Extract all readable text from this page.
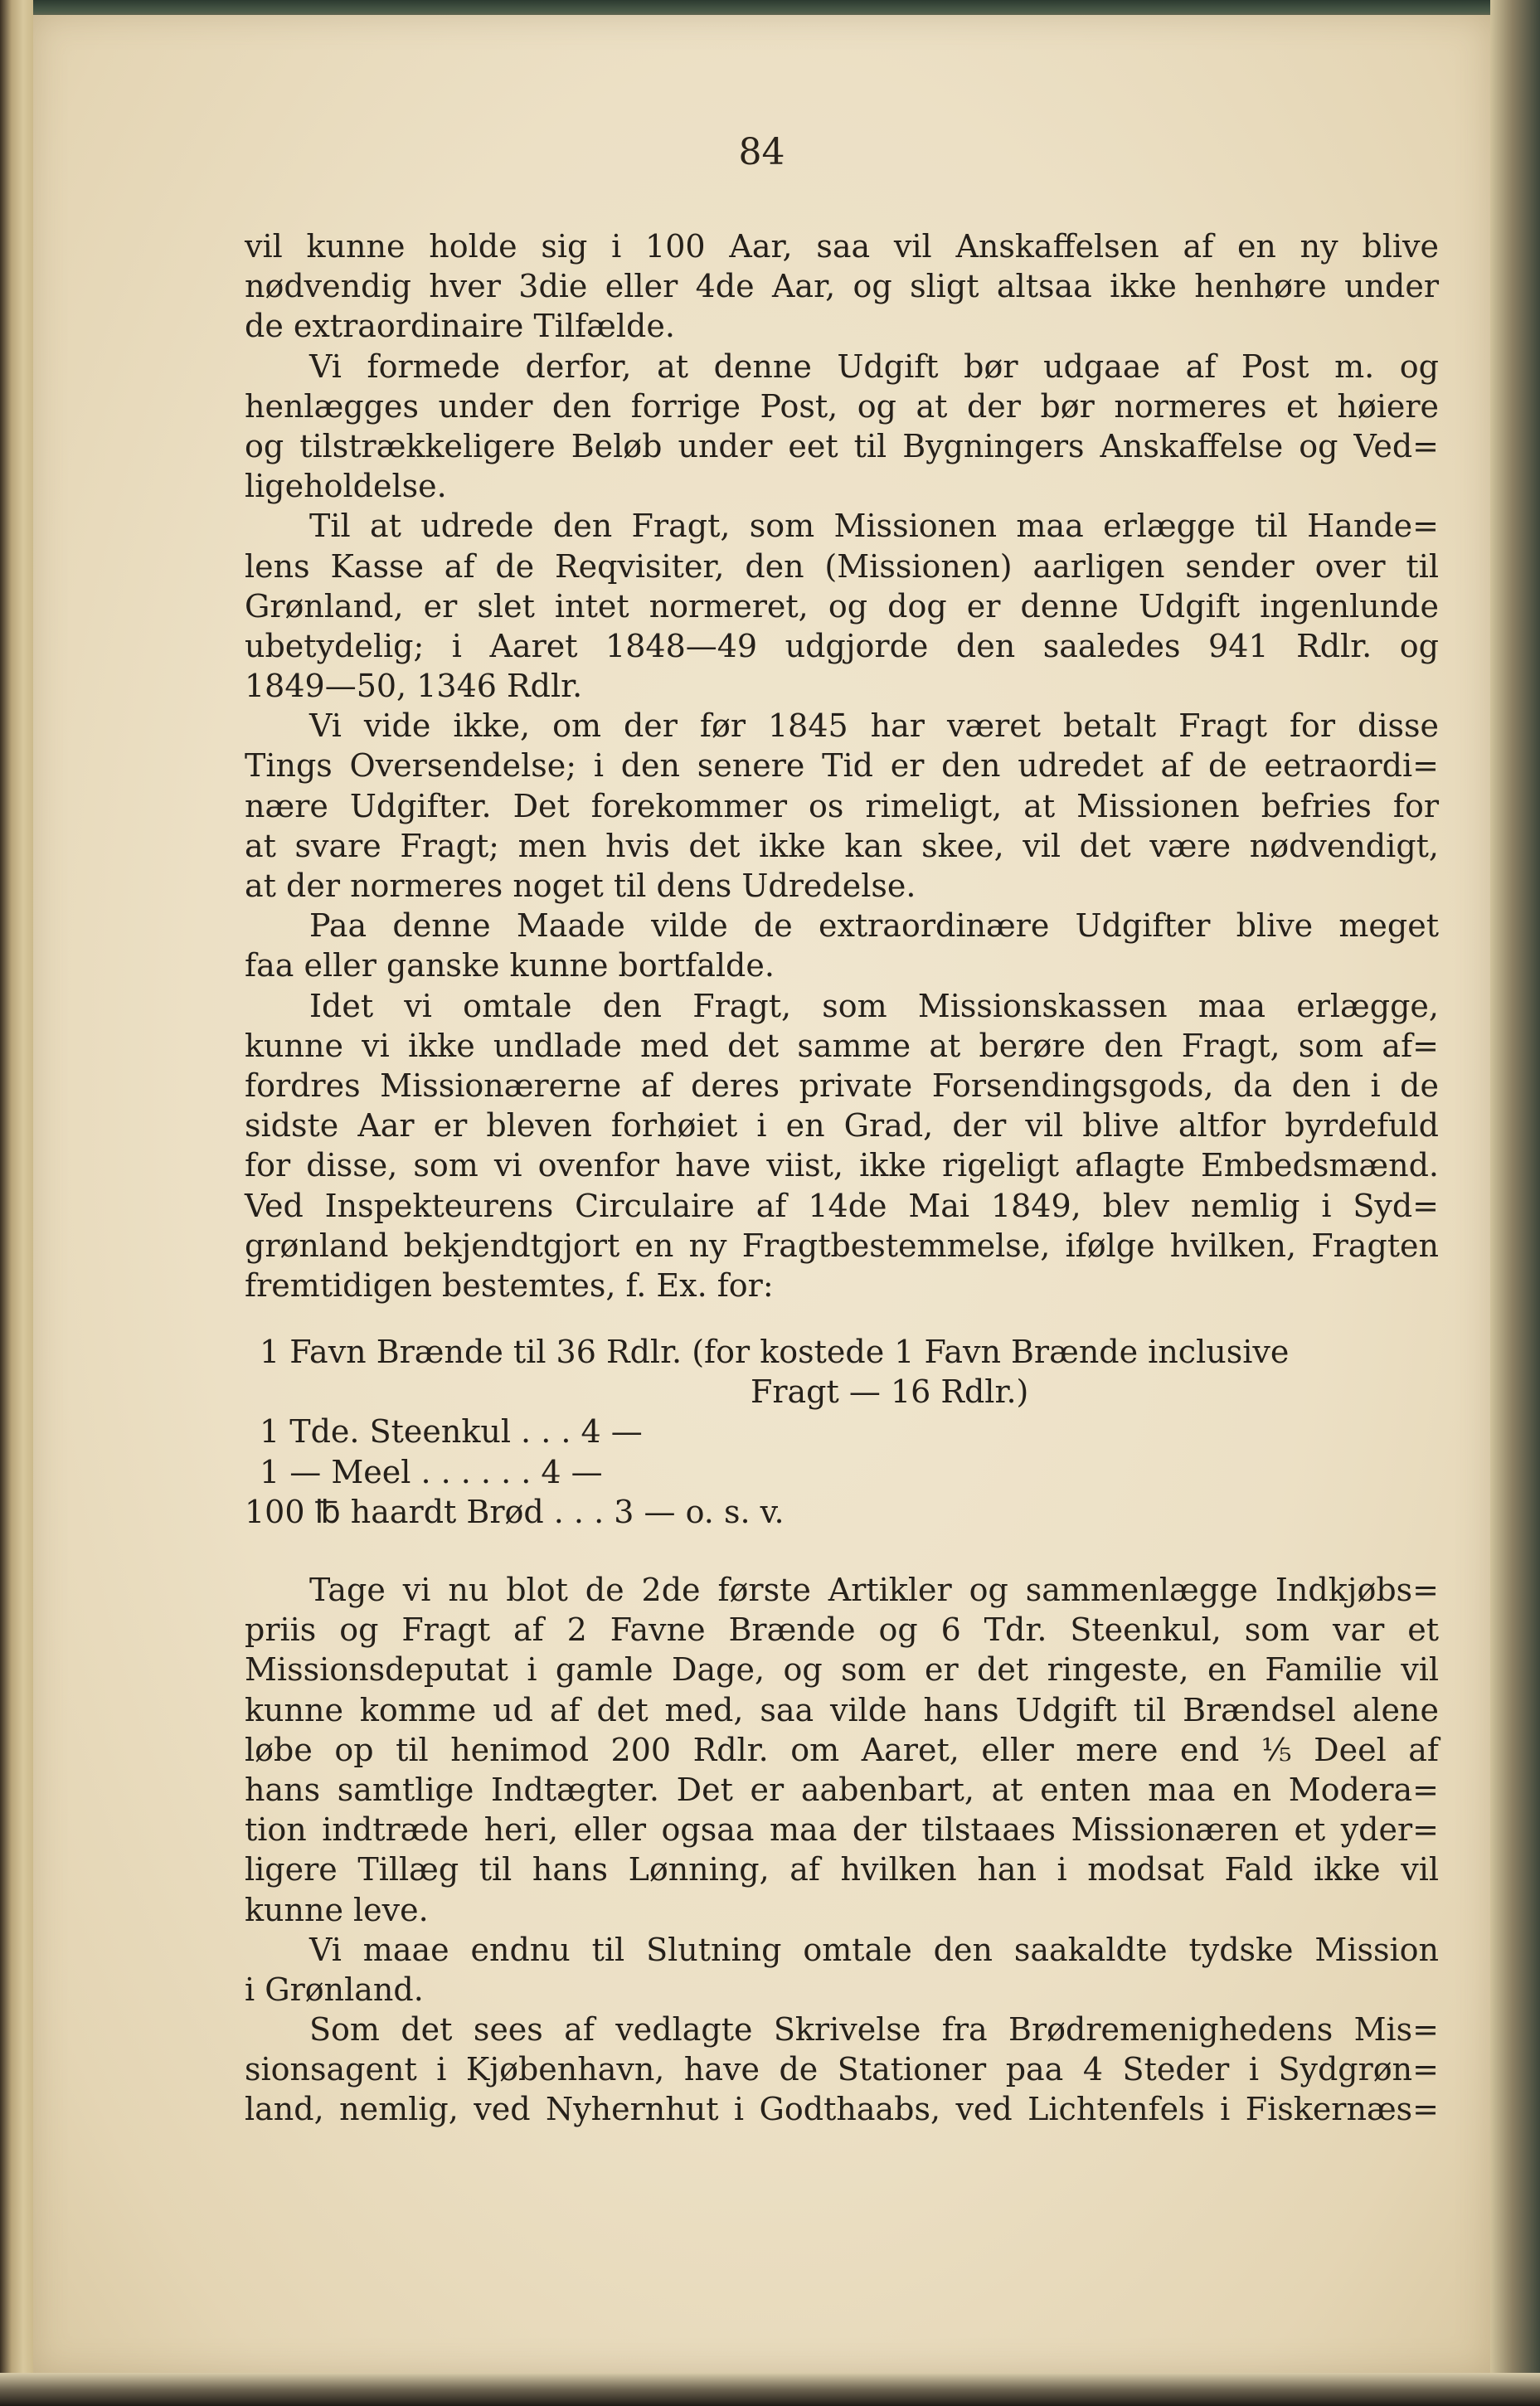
84
vil kunne holde sig i 100 Aar, saa vil Anskaffelsen af en ny blive
nødvendig hver 3die eller 4de Aar, og sligt altsaa ikke henhøre under
de extraordinaire Tilfælde.
Vi formede derfor, at denne Udgift bør udgaae af Post m. og
henlægges under den forrige Post, og at der bør normeres et høiere
og tilstrækkeligere Beløb under eet til Bygningers Anskaffelse og Ved=
ligeholdelse.
Til at udrede den Fragt, som Missionen maa erlægge til Hande=
lens Kasse af de Reqvisiter, den (Missionen) aarligen sender over til
Grønland, er slet intet normeret, og dog er denne Udgift ingenlunde
ubetydelig; i Aaret 1848—49 udgjorde den saaledes 941 Rdlr. og
1849—50, 1346 Rdlr.
Vi vide ikke, om der før 1845 har været betalt Fragt for disse
Tings Oversendelse; i den senere Tid er den udredet af de eetraordi=
nære Udgifter. Det forekommer os rimeligt, at Missionen befries for
at svare Fragt; men hvis det ikke kan skee, vil det være nødvendigt,
at der normeres noget til dens Udredelse.
Paa denne Maade vilde de extraordinære Udgifter blive meget
faa eller ganske kunne bortfalde.
Idet vi omtale den Fragt, som Missionskassen maa erlægge,
kunne vi ikke undlade med det samme at berøre den Fragt, som af=
fordres Missionærerne af deres private Forsendingsgods, da den i de
sidste Aar er bleven forhøiet i en Grad, der vil blive altfor byrdefuld
for disse, som vi ovenfor have viist, ikke rigeligt aflagte Embedsmænd.
Ved Inspekteurens Circulaire af 14de Mai 1849, blev nemlig i Syd=
grønland bekjendtgjort en ny Fragtbestemmelse, ifølge hvilken, Fragten
fremtidigen bestemtes, f. Ex. for:
1 Favn Brænde til 36 Rdlr. (for kostede 1 Favn Brænde inclusive
Fragt — 16 Rdlr.)
1 Tde. Steenkul . . . 4 —
1 — Meel . . . . . . 4 —
100 ℔ haardt Brød . . . 3 — o. s. v.
Tage vi nu blot de 2de første Artikler og sammenlægge Indkjøbs=
priis og Fragt af 2 Favne Brænde og 6 Tdr. Steenkul, som var et
Missionsdeputat i gamle Dage, og som er det ringeste, en Familie vil
kunne komme ud af det med, saa vilde hans Udgift til Brændsel alene
løbe op til henimod 200 Rdlr. om Aaret, eller mere end ⅕ Deel af
hans samtlige Indtægter. Det er aabenbart, at enten maa en Modera=
tion indtræde heri, eller ogsaa maa der tilstaaes Missionæren et yder=
ligere Tillæg til hans Lønning, af hvilken han i modsat Fald ikke vil
kunne leve.
Vi maae endnu til Slutning omtale den saakaldte tydske Mission
i Grønland.
Som det sees af vedlagte Skrivelse fra Brødremenighedens Mis=
sionsagent i Kjøbenhavn, have de Stationer paa 4 Steder i Sydgrøn=
land, nemlig, ved Nyhernhut i Godthaabs, ved Lichtenfels i Fiskernæs=
